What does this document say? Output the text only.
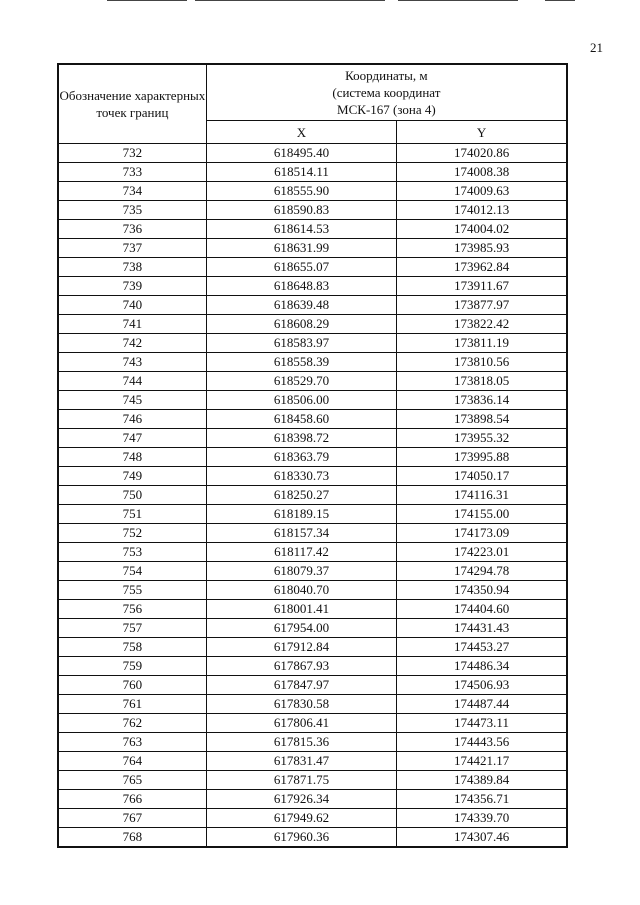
21
Обозначение характерных точек границ	Координаты, м
(система координат
МСК-167 (зона 4)	

	X	Y
732	618495.40	174020.86
733	618514.11	174008.38
734	618555.90	174009.63
735	618590.83	174012.13
736	618614.53	174004.02
737	618631.99	173985.93
738	618655.07	173962.84
739	618648.83	173911.67
740	618639.48	173877.97
741	618608.29	173822.42
742	618583.97	173811.19
743	618558.39	173810.56
744	618529.70	173818.05
745	618506.00	173836.14
746	618458.60	173898.54
747	618398.72	173955.32
748	618363.79	173995.88
749	618330.73	174050.17
750	618250.27	174116.31
751	618189.15	174155.00
752	618157.34	174173.09
753	618117.42	174223.01
754	618079.37	174294.78
755	618040.70	174350.94
756	618001.41	174404.60
757	617954.00	174431.43
758	617912.84	174453.27
759	617867.93	174486.34
760	617847.97	174506.93
761	617830.58	174487.44
762	617806.41	174473.11
763	617815.36	174443.56
764	617831.47	174421.17
765	617871.75	174389.84
766	617926.34	174356.71
767	617949.62	174339.70
768	617960.36	174307.46
